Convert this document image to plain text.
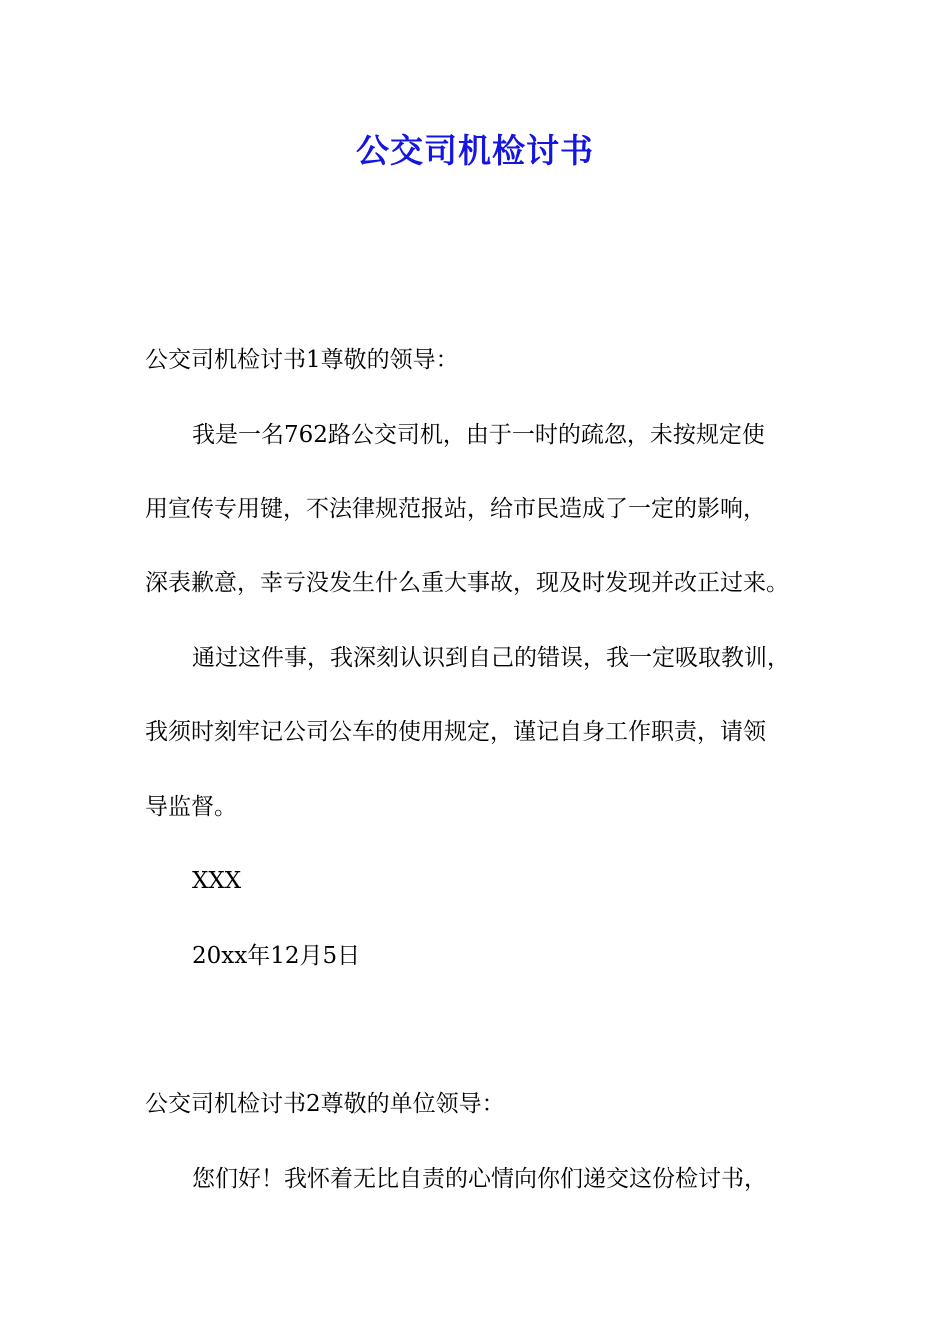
公交司机检讨书
公交司机检讨书1尊敬的领导：
我是一名762路公交司机，由于一时的疏忽，未按规定使
用宣传专用键，不法律规范报站，给市民造成了一定的影响，
深表歉意，幸亏没发生什么重大事故，现及时发现并改正过来。
通过这件事，我深刻认识到自己的错误，我一定吸取教训，
我须时刻牢记公司公车的使用规定，谨记自身工作职责，请领
导监督。
XXX
20xx年12月5日
公交司机检讨书2尊敬的单位领导：
您们好！我怀着无比自责的心情向你们递交这份检讨书，
